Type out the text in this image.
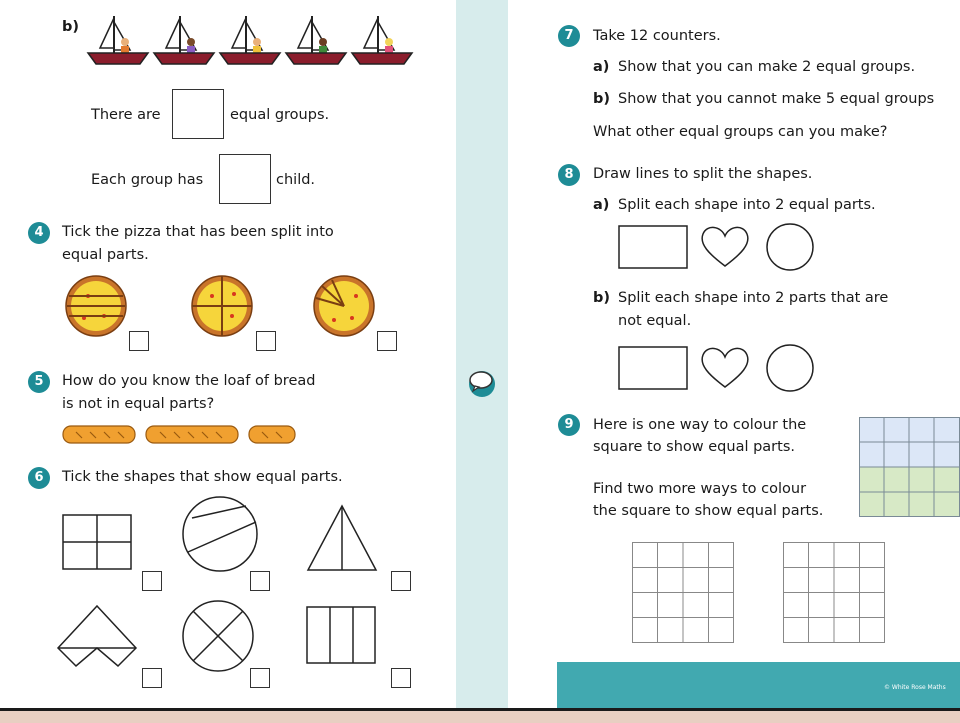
© White Rose Maths
b)
There are	equal groups.
Each group has	child.
4	Tick the pizza that has been split into
equal parts.
5	How do you know the loaf of bread
is not in equal parts?
6	Tick the shapes that show equal parts.
7	Take 12 counters.
a) Show that you can make 2 equal groups.
b) Show that you cannot make 5 equal groups
What other equal groups can you make?
8	Draw lines to split the shapes.
a) Split each shape into 2 equal parts.
b) Split each shape into 2 parts that are
not equal.
9	Here is one way to colour the
square to show equal parts.
Find two more ways to colour
the square to show equal parts.
